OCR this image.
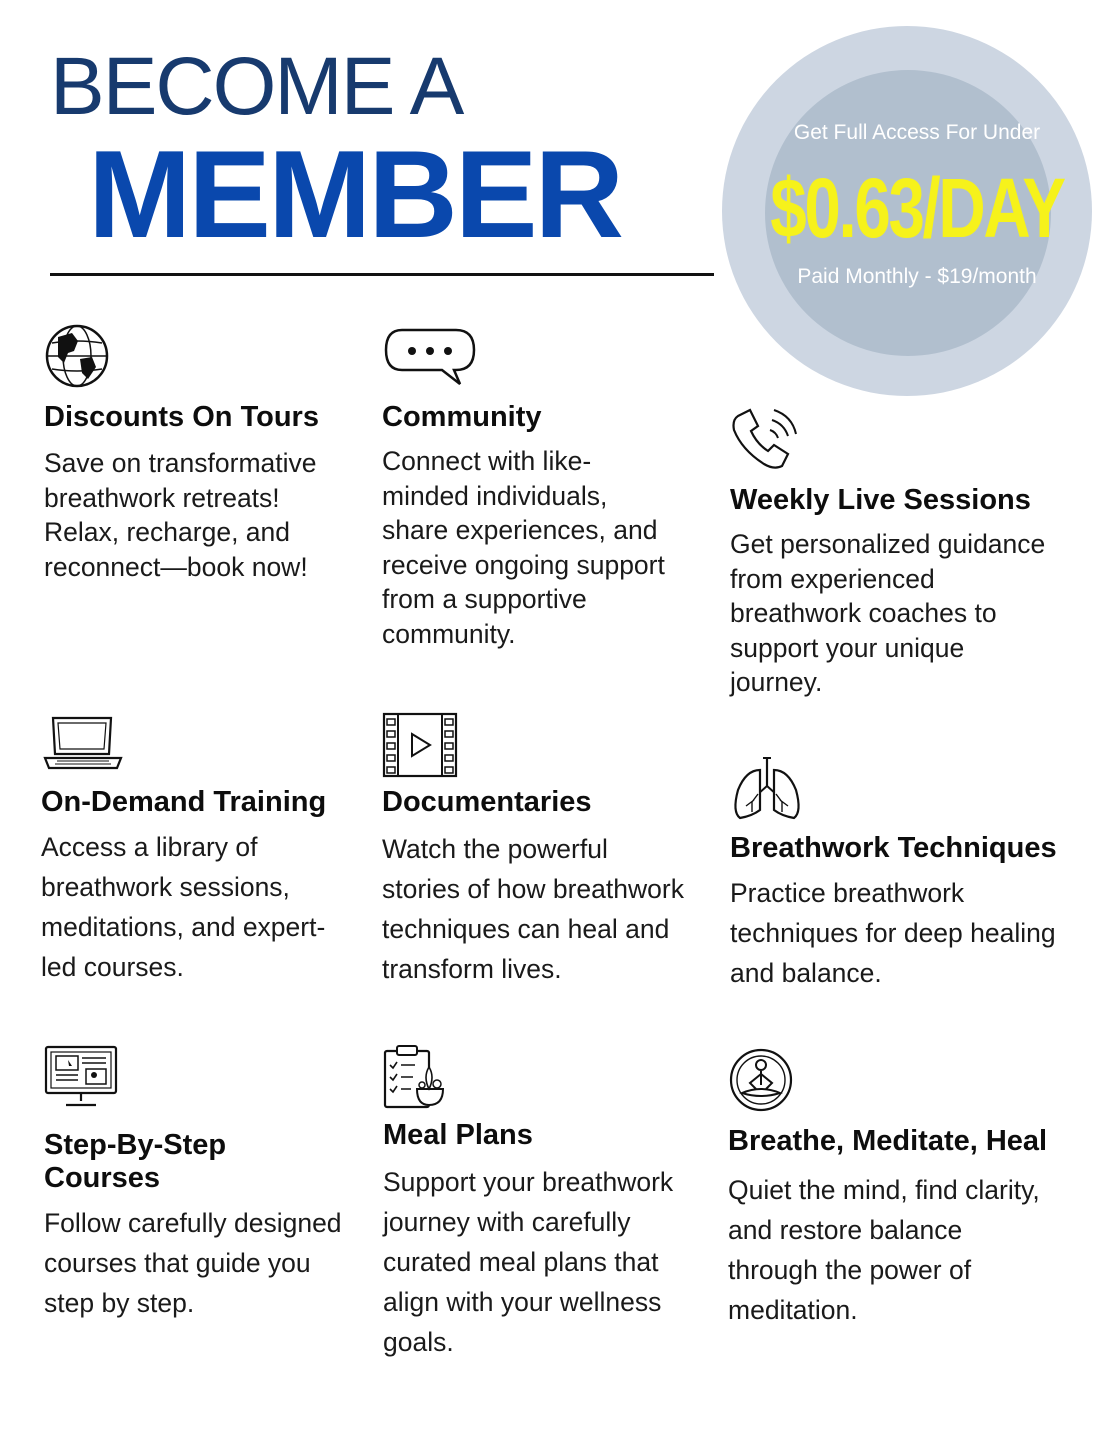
BECOME A
MEMBER	Get Full Access For Under
$0.63/DAY
Paid Monthly - $19/month
Discounts On Tours

Save on transformative breathwork retreats! Relax, recharge, and reconnect—book now!

Community

Connect with like-minded individuals, share experiences, and receive ongoing support from a supportive community.

Weekly Live Sessions

Get personalized guidance from experienced breathwork coaches to support your unique journey.

On-Demand Training

Access a library of breathwork sessions, meditations, and expert-led courses.

Documentaries

Watch the powerful stories of how breathwork techniques can heal and transform lives.

Breathwork Techniques

Practice breathwork techniques for deep healing and balance.

Step-By-Step Courses

Follow carefully designed courses that guide you step by step.

Meal Plans

Support your breathwork journey with carefully curated meal plans that align with your wellness goals.

Breathe, Meditate, Heal

Quiet the mind, find clarity, and restore balance through the power of meditation.
